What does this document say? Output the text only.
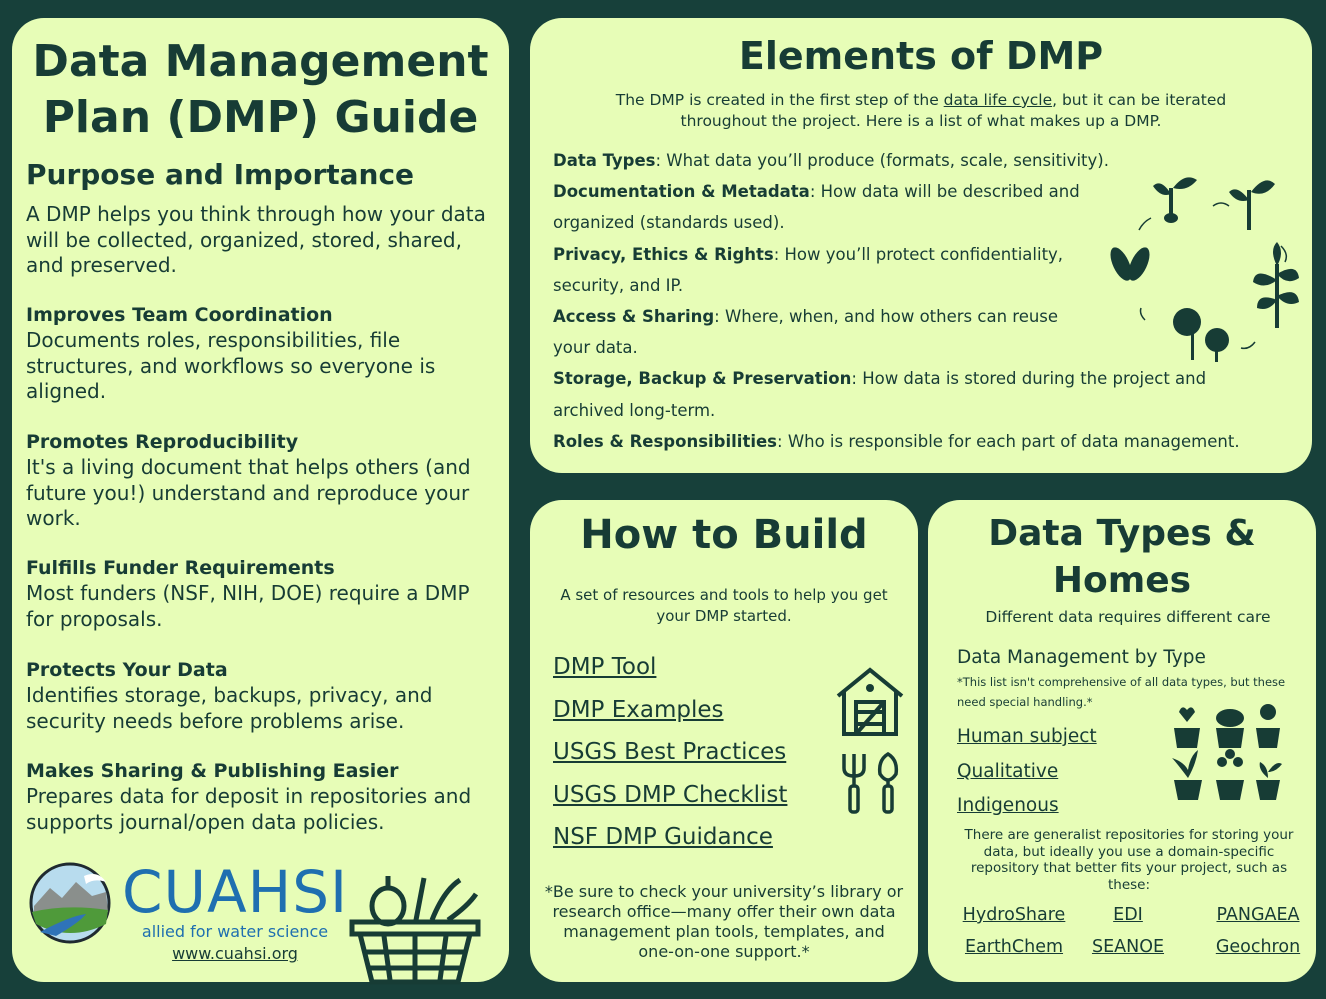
Data Management Plan (DMP) Guide
Purpose and Importance
A DMP helps you think through how your data will be collected, organized, stored, shared, and preserved.
Improves Team Coordination
Documents roles, responsibilities, file structures, and workflows so everyone is aligned.
Promotes Reproducibility
It's a living document that helps others (and future you!) understand and reproduce your work.
Fulfills Funder Requirements
Most funders (NSF, NIH, DOE) require a DMP for proposals.
Protects Your Data
Identifies storage, backups, privacy, and security needs before problems arise.
Makes Sharing & Publishing Easier
Prepares data for deposit in repositories and supports journal/open data policies.
CUAHSI
allied for water science
www.cuahsi.org
Elements of DMP
The DMP is created in the first step of the data life cycle, but it can be iterated throughout the project. Here is a list of what makes up a DMP.
Data Types: What data you’ll produce (formats, scale, sensitivity).
Documentation & Metadata: How data will be described and
organized (standards used).
Privacy, Ethics & Rights: How you’ll protect confidentiality,
security, and IP.
Access & Sharing: Where, when, and how others can reuse
your data.
Storage, Backup & Preservation: How data is stored during the project and
archived long-term.
Roles & Responsibilities: Who is responsible for each part of data management.
How to Build
A set of resources and tools to help you get your DMP started.
DMP Tool
DMP Examples
USGS Best Practices
USGS DMP Checklist
NSF DMP Guidance
*Be sure to check your university’s library or research office—many offer their own data management plan tools, templates, and one-on-one support.*
Data Types &
Homes
Different data requires different care
Data Management by Type
*This list isn't comprehensive of all data types, but these need special handling.*
Human subject
Qualitative
Indigenous
There are generalist repositories for storing your data, but ideally you use a domain-specific repository that better fits your project, such as these:
HydroShare	EDI	PANGAEA
EarthChem	SEANOE	Geochron
